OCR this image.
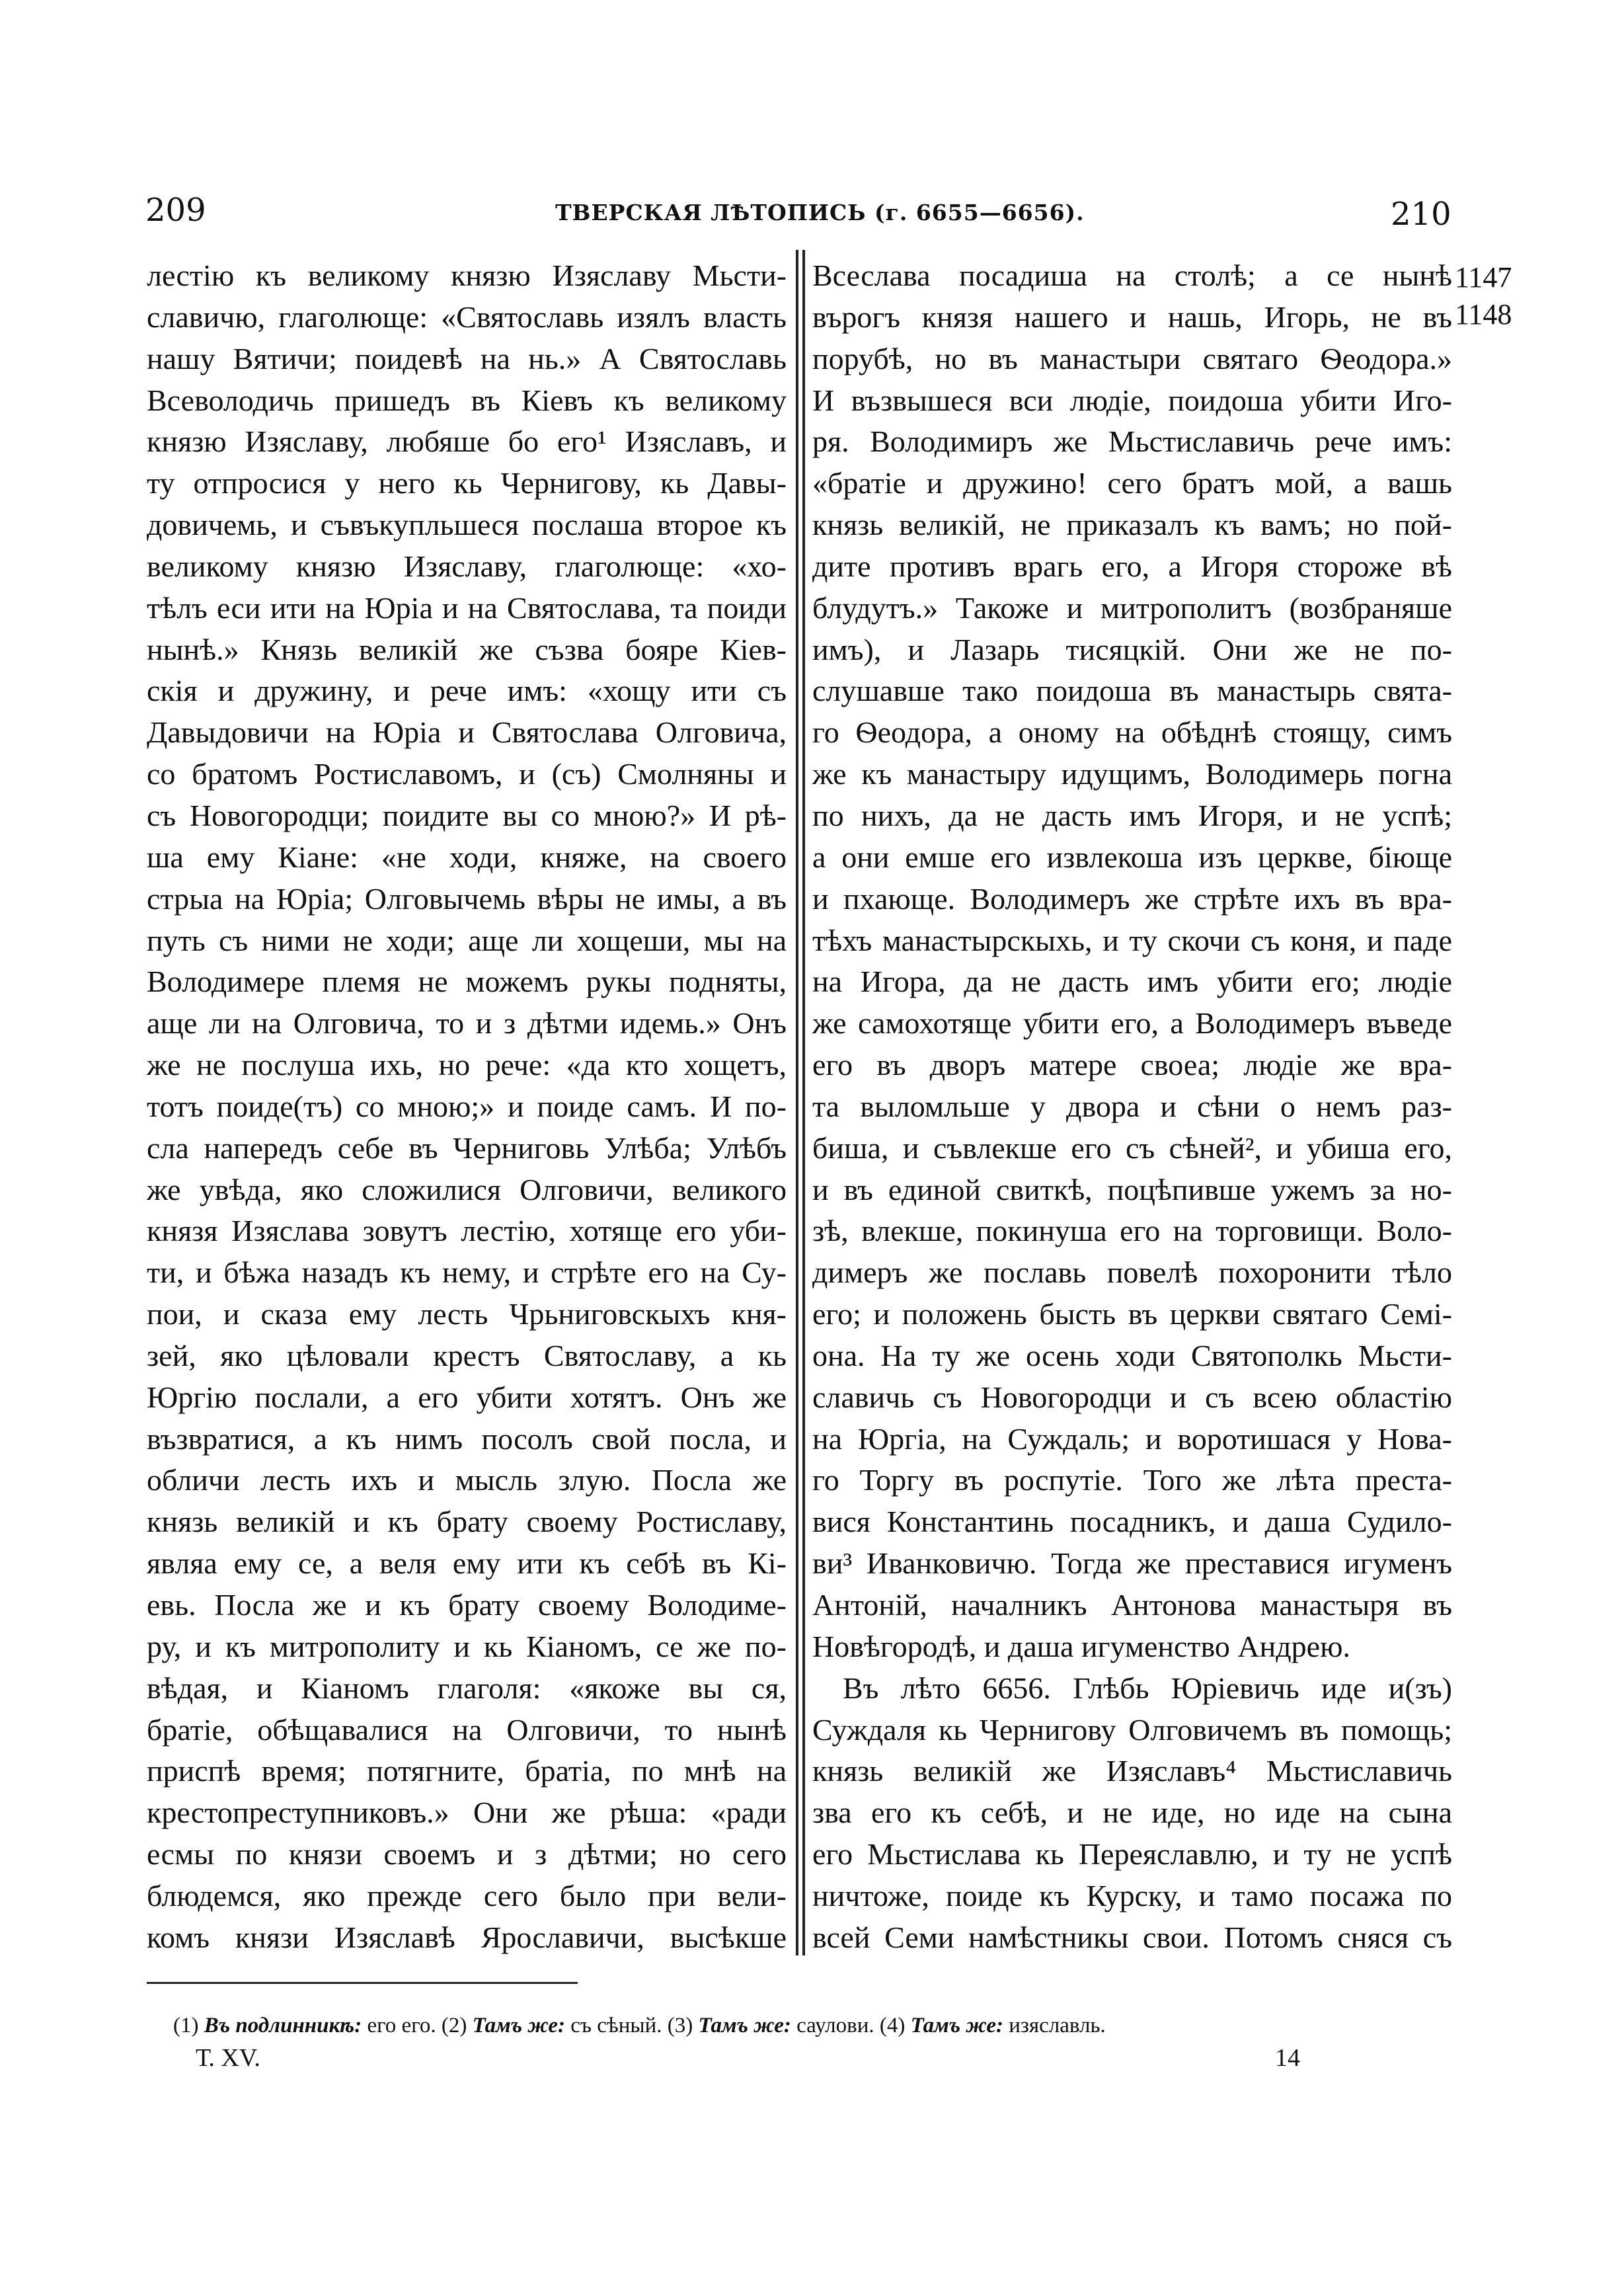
209	ТВЕРСКАЯ ЛѢТОПИСЬ (г. 6655—6656).	210
1147
1148
лестію къ великому князю Изяславу Мьсти-
славичю, глаголюще: «Святославь изялъ власть
нашу Вятичи; поидевѣ на нь.» А Святославь
Всеволодичь пришедъ въ Кіевъ къ великому
князю Изяславу, любяше бо его¹ Изяславъ, и
ту отпросися у него кь Чернигову, кь Давы-
довичемь, и съвъкупльшеся послаша второе къ
великому князю Изяславу, глаголюще: «хо-
тѣлъ еси ити на Юріа и на Святослава, та поиди
нынѣ.» Князь великій же съзва бояре Кіев-
скія и дружину, и рече имъ: «хощу ити съ
Давыдовичи на Юріа и Святослава Олговича,
со братомъ Ростиславомъ, и (съ) Смолняны и
съ Новогородци; поидите вы со мною?» И рѣ-
ша ему Кіане: «не ходи, княже, на своего
стрыа на Юріа; Олговычемь вѣры не имы, а въ
путь съ ними не ходи; аще ли хощеши, мы на
Володимере племя не можемъ рукы подняты,
аще ли на Олговича, то и з дѣтми идемь.» Онъ
же не послуша ихь, но рече: «да кто хощетъ,
тотъ поиде(тъ) со мною;» и поиде самъ. И по-
сла напередъ себе въ Черниговь Улѣба; Улѣбъ
же увѣда, яко сложилися Олговичи, великого
князя Изяслава зовутъ лестію, хотящe его уби-
ти, и бѣжа назадъ къ нему, и стрѣте его на Су-
пои, и сказа ему лесть Чрьниговскыхъ кня-
зей, яко цѣловали крестъ Святославу, а кь
Юргію послали, а его убити хотятъ. Онъ же
възвратися, а къ нимъ посолъ свой посла, и
обличи лесть ихъ и мысль злую. Посла же
князь великій и къ брату своему Ростиславу,
являа ему се, а веля ему ити къ себѣ въ Кі-
евь. Посла же и къ брату своему Володиме-
ру, и къ митрополиту и кь Кіаномъ, се же по-
вѣдая, и Кіаномъ глаголя: «якоже вы ся,
братіе, обѣщавалися на Олговичи, то нынѣ
приспѣ время; потягните, братіа, по мнѣ на
крестопреступниковъ.» Они же рѣша: «ради
есмы по князи своемъ и з дѣтми; но сего
блюдемся, яко прежде сего было при вели-
комъ князи Изяславѣ Ярославичи, высѣкше
Всеслава посадиша на столѣ; а се нынѣ
върогъ князя нашего и нашь, Игорь, не въ
порубѣ, но въ манастыри святаго Ѳеодора.»
И възвышеся вси людіе, поидоша убити Иго-
ря. Володимиръ же Мьстиславичь рече имъ:
«братіе и дружино! сего братъ мой, а вашь
князь великій, не приказалъ къ вамъ; но пой-
дите противъ врагь его, а Игоря стороже вѣ
блудутъ.» Такоже и митрополитъ (возбраняше
имъ), и Лазарь тисяцкій. Они же не по-
слушавше тако поидоша въ манастырь свята-
го Ѳеодора, а оному на обѣднѣ стоящу, симъ
же къ манастыру идущимъ, Володимерь погна
по нихъ, да не дасть имъ Игоря, и не успѣ;
а они емше его извлекоша изъ церкве, біюще
и пхающе. Володимеръ же стрѣте ихъ въ вра-
тѣхъ манастырскыхь, и ту скочи съ коня, и паде
на Игора, да не дасть имъ убити его; людіе
же самохотяще убити его, а Володимеръ въведе
его въ дворъ матере своеа; людіе же вра-
та выломльше у двора и сѣни о немъ раз-
биша, и съвлекше его съ сѣней², и убиша его,
и въ единой свиткѣ, поцѣпивше ужемъ за но-
зѣ, влекше, покинуша его на торговищи. Воло-
димеръ же пославь повелѣ похоронити тѣло
его; и положень бысть въ церкви святаго Семі-
она. На ту же осень ходи Святополкь Мьсти-
славичь съ Новогородци и съ всею областію
на Юргіа, на Суждаль; и воротишася у Нова-
го Торгу въ роспутіе. Того же лѣта преста-
вися Константинь посадникъ, и даша Судило-
ви³ Иванковичю. Тогда же преставися игуменъ
Антоній, началникъ Антонова манастыря въ
Новѣгородѣ, и даша игуменство Андрею.
Въ лѣто 6656. Глѣбь Юріевичь иде и(зъ)
Суждаля кь Чернигову Олговичемъ въ помощь;
князь великій же Изяславъ⁴ Мьстиславичь
зва его къ себѣ, и не иде, но иде на сына
его Мьстислава кь Переяславлю, и ту не успѣ
ничтоже, поиде къ Курску, и тамо посажа по
всей Семи намѣстникы свои. Потомъ сняся съ
(1) Въ подлинникѣ: его его. (2) Тамъ же: съ сѣный. (3) Тамъ же: саулови. (4) Тамъ же: изяславль.
Т. XV.	14
